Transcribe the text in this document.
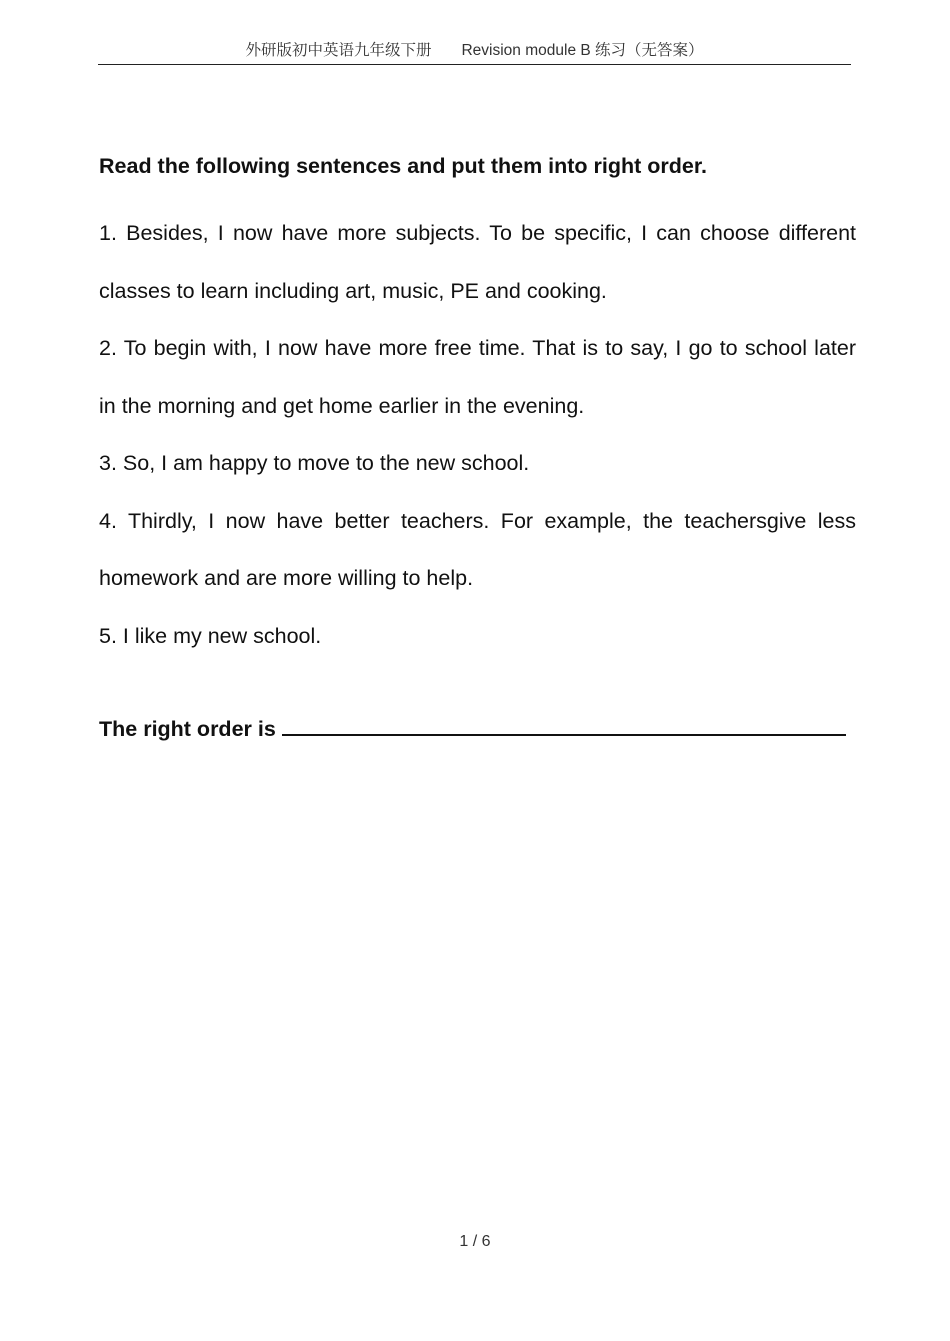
外研版初中英语九年级下册 Revision module B 练习（无答案）

Read the following sentences and put them into right order.

1. Besides, I now have more subjects. To be specific, I can choose different classes to learn including art, music, PE and cooking.

2. To begin with, I now have more free time. That is to say, I go to school later in the morning and get home earlier in the evening.

3. So, I am happy to move to the new school.

4. Thirdly, I now have better teachers. For example, the teachersgive less homework and are more willing to help.

5. I like my new school.

The right order is
1 / 6
